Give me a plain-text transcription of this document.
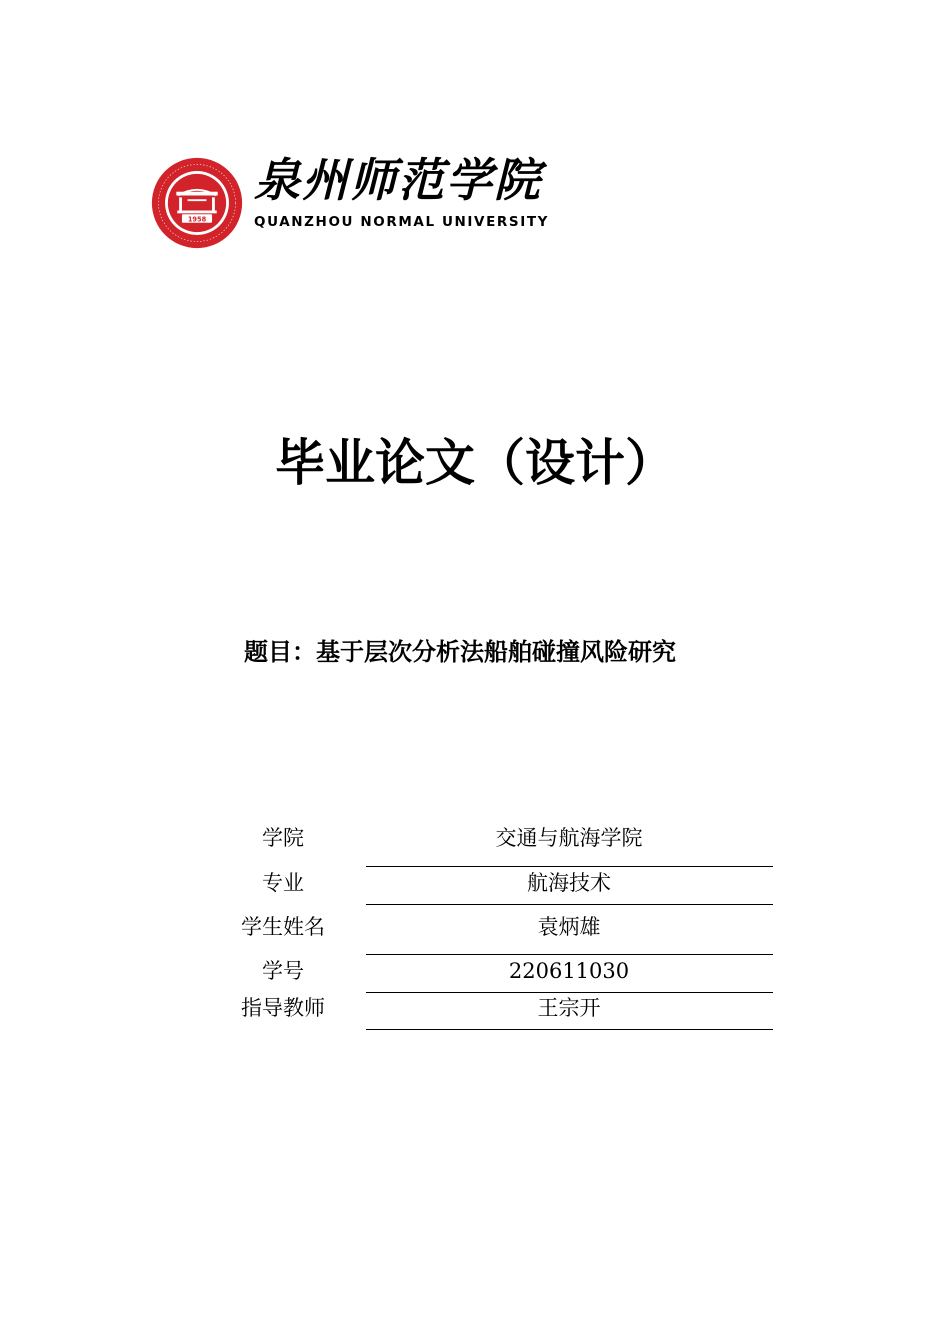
1958
泉州师范学院
QUANZHOU NORMAL UNIVERSITY
毕业论文（设计）
题目：基于层次分析法船舶碰撞风险研究
学院	交通与航海学院
专业	航海技术
学生姓名	袁炳雄
学号	220611030
指导教师	王宗开
